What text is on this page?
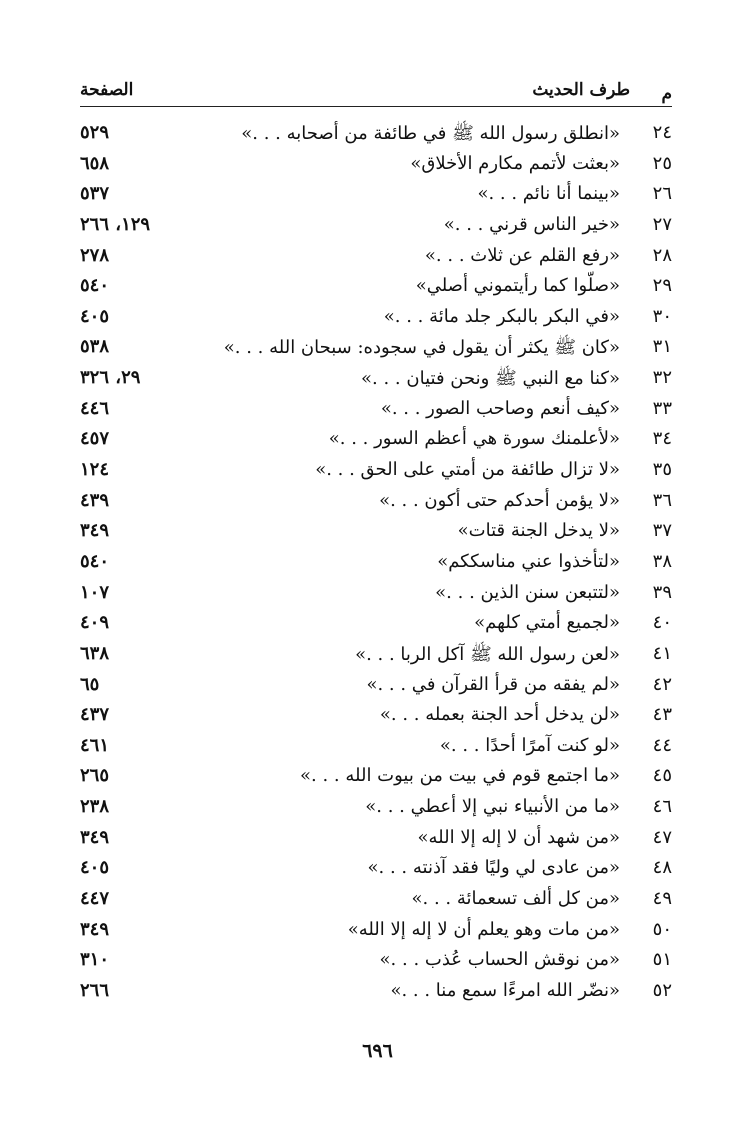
م
طرف الحديث
الصفحة
٢٤
«انطلق رسول الله ﷺ في طائفة من أصحابه . . .»
٥٢٩
٢٥
«بعثت لأتمم مكارم الأخلاق»
٦٥٨
٢٦
«بينما أنا نائم . . .»
٥٣٧
٢٧
«خير الناس قرني . . .»
١٢٩، ٢٦٦
٢٨
«رفع القلم عن ثلاث . . .»
٢٧٨
٢٩
«صلّوا كما رأيتموني أصلي»
٥٤٠
٣٠
«في البكر بالبكر جلد مائة . . .»
٤٠٥
٣١
«كان ﷺ يكثر أن يقول في سجوده: سبحان الله . . .»
٥٣٨
٣٢
«كنا مع النبي ﷺ ونحن فتيان . . .»
٢٩، ٣٢٦
٣٣
«كيف أنعم وصاحب الصور . . .»
٤٤٦
٣٤
«لأعلمنك سورة هي أعظم السور . . .»
٤٥٧
٣٥
«لا تزال طائفة من أمتي على الحق . . .»
١٢٤
٣٦
«لا يؤمن أحدكم حتى أكون . . .»
٤٣٩
٣٧
«لا يدخل الجنة قتات»
٣٤٩
٣٨
«لتأخذوا عني مناسككم»
٥٤٠
٣٩
«لتتبعن سنن الذين . . .»
١٠٧
٤٠
«لجميع أمتي كلهم»
٤٠٩
٤١
«لعن رسول الله ﷺ آكل الربا . . .»
٦٣٨
٤٢
«لم يفقه من قرأ القرآن في . . .»
٦٥
٤٣
«لن يدخل أحد الجنة بعمله . . .»
٤٣٧
٤٤
«لو كنت آمرًا أحدًا . . .»
٤٦١
٤٥
«ما اجتمع قوم في بيت من بيوت الله . . .»
٢٦٥
٤٦
«ما من الأنبياء نبي إلا أعطي . . .»
٢٣٨
٤٧
«من شهد أن لا إله إلا الله»
٣٤٩
٤٨
«من عادى لي وليًا فقد آذنته . . .»
٤٠٥
٤٩
«من كل ألف تسعمائة . . .»
٤٤٧
٥٠
«من مات وهو يعلم أن لا إله إلا الله»
٣٤٩
٥١
«من نوقش الحساب عُذب . . .»
٣١٠
٥٢
«نضّر الله امرءًا سمع منا . . .»
٢٦٦
٦٩٦
